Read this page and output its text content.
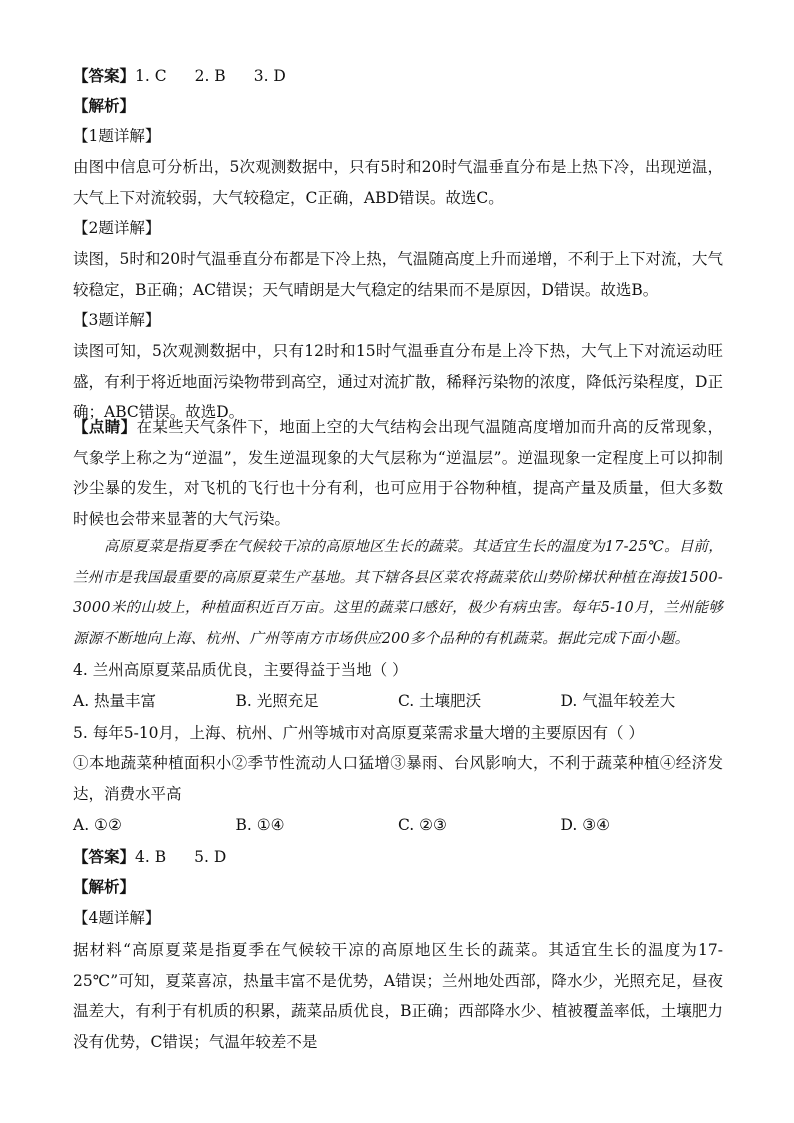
【答案】1. C 2. B 3. D

【解析】

【1题详解】

由图中信息可分析出，5次观测数据中，只有5时和20时气温垂直分布是上热下冷，出现逆温，大气上下对流较弱，大气较稳定，C正确，ABD错误。故选C。

【2题详解】

读图，5时和20时气温垂直分布都是下冷上热，气温随高度上升而递增，不利于上下对流，大气较稳定，B正确；AC错误；天气晴朗是大气稳定的结果而不是原因，D错误。故选B。

【3题详解】

读图可知，5次观测数据中，只有12时和15时气温垂直分布是上冷下热，大气上下对流运动旺盛，有利于将近地面污染物带到高空，通过对流扩散，稀释污染物的浓度，降低污染程度，D正确；ABC错误。故选D。

【点睛】在某些天气条件下，地面上空的大气结构会出现气温随高度增加而升高的反常现象，气象学上称之为“逆温”，发生逆温现象的大气层称为“逆温层”。逆温现象一定程度上可以抑制沙尘暴的发生，对飞机的飞行也十分有利，也可应用于谷物种植，提高产量及质量，但大多数时候也会带来显著的大气污染。

高原夏菜是指夏季在气候较干凉的高原地区生长的蔬菜。其适宜生长的温度为17-25℃。目前，兰州市是我国最重要的高原夏菜生产基地。其下辖各县区菜农将蔬菜依山势阶梯状种植在海拔1500-3000米的山坡上，种植面积近百万亩。这里的蔬菜口感好，极少有病虫害。每年5-10月，兰州能够源源不断地向上海、杭州、广州等南方市场供应200多个品种的有机蔬菜。据此完成下面小题。

4. 兰州高原夏菜品质优良，主要得益于当地（ ）

A. 热量丰富	B. 光照充足	C. 土壤肥沃	D. 气温年较差大

5. 每年5-10月，上海、杭州、广州等城市对高原夏菜需求量大增的主要原因有（ ）

①本地蔬菜种植面积小②季节性流动人口猛增③暴雨、台风影响大，不利于蔬菜种植④经济发达，消费水平高

A. ①②	B. ①④	C. ②③	D. ③④

【答案】4. B 5. D

【解析】

【4题详解】

据材料“高原夏菜是指夏季在气候较干凉的高原地区生长的蔬菜。其适宜生长的温度为17-25℃”可知，夏菜喜凉，热量丰富不是优势，A错误；兰州地处西部，降水少，光照充足，昼夜温差大，有利于有机质的积累，蔬菜品质优良，B正确；西部降水少、植被覆盖率低，土壤肥力没有优势，C错误；气温年较差不是
